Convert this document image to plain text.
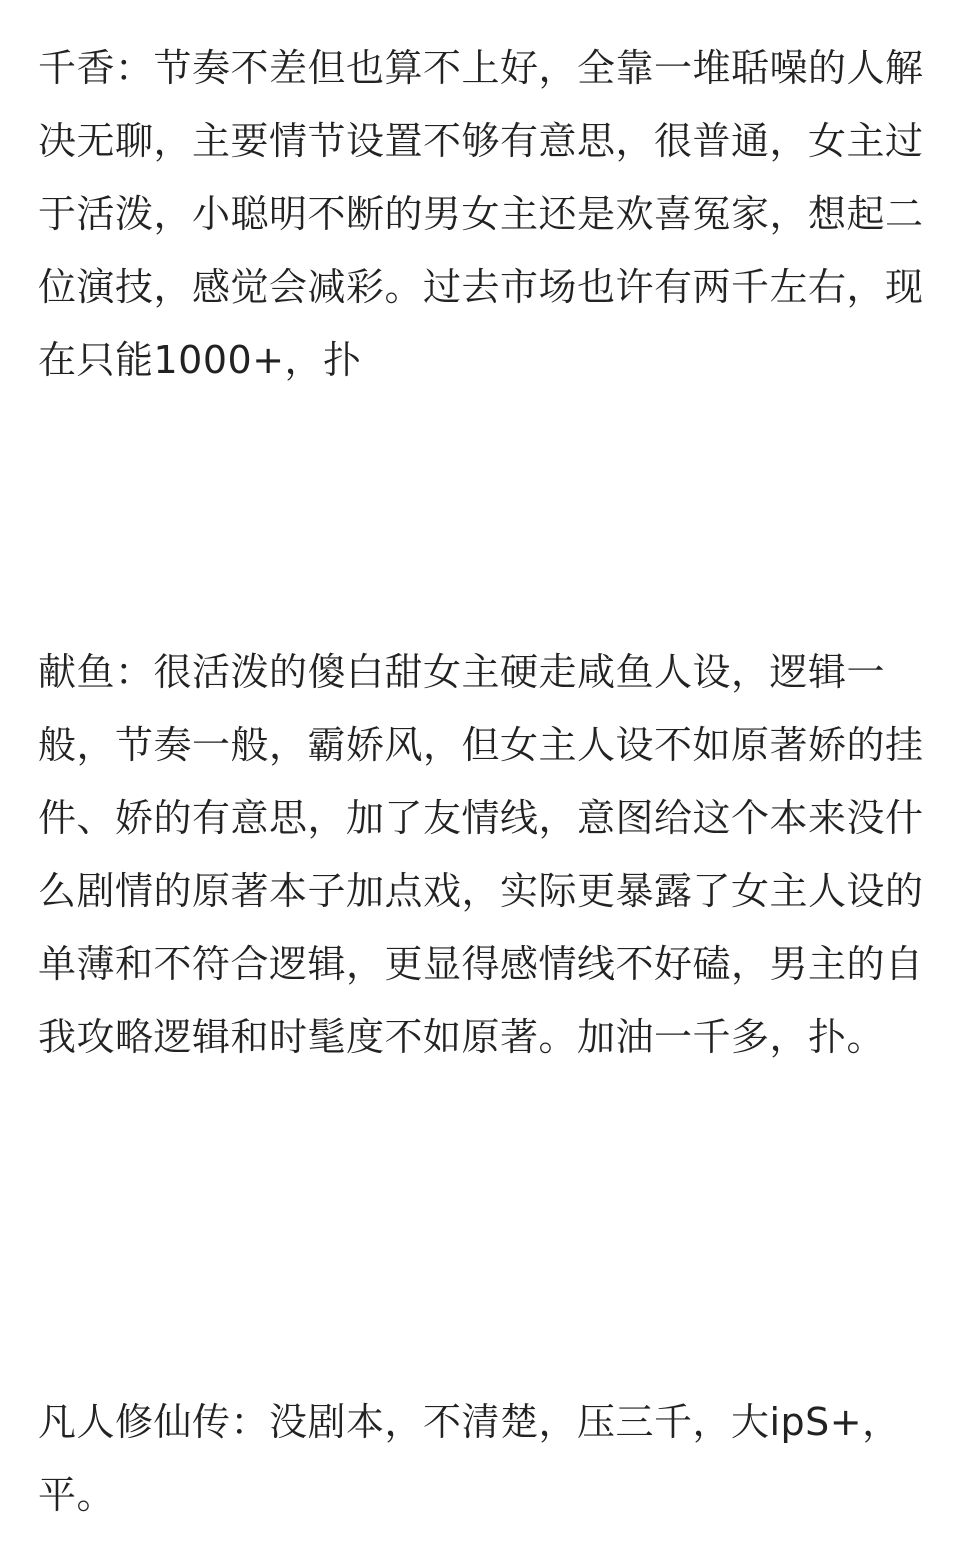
千香：节奏不差但也算不上好，全靠一堆聒噪的人解决无聊，主要情节设置不够有意思，很普通，女主过于活泼，小聪明不断的男女主还是欢喜冤家，想起二位演技，感觉会减彩。过去市场也许有两千左右，现在只能1000+，扑

献鱼：很活泼的傻白甜女主硬走咸鱼人设，逻辑一般，节奏一般，霸娇风，但女主人设不如原著娇的挂件、娇的有意思，加了友情线，意图给这个本来没什么剧情的原著本子加点戏，实际更暴露了女主人设的单薄和不符合逻辑，更显得感情线不好磕，男主的自我攻略逻辑和时髦度不如原著。加油一千多，扑。

凡人修仙传：没剧本，不清楚，压三千，大ipS+，平。
